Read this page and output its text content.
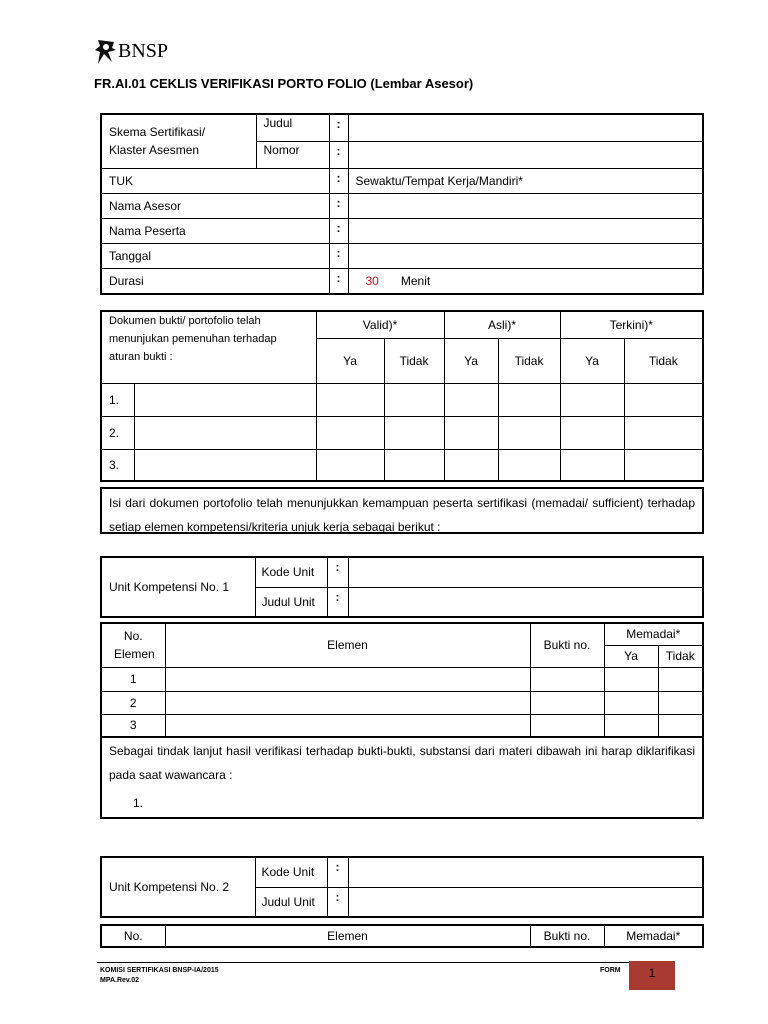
BNSP
FR.AI.01 CEKLIS VERIFIKASI PORTO FOLIO (Lembar Asesor)
Skema Sertifikasi/ Klaster Asesmen	Judul	:	
	Nomor	:	
TUK		:	Sewaktu/Tempat Kerja/Mandiri*
Nama Asesor		:	
Nama Peserta		:	
Tanggal		:	
Durasi		:	30 Menit
Dokumen bukti/ portofolio telah menunjukan pemenuhan terhadap aturan bukti :		Valid)*		Asli)*		Terkini)*	
		Ya	Tidak	Ya	Tidak	Ya	Tidak
1.							
2.							
3.							
Isi dari dokumen portofolio telah menunjukkan kemampuan peserta sertifikasi (memadai/ sufficient) terhadap setiap elemen kompetensi/kriteria unjuk kerja sebagai berikut :
Unit Kompetensi No. 1	Kode Unit	:	
	Judul Unit	:	
No. Elemen	Elemen	Bukti no.	Memadai*	
			Ya	Tidak
1				
2				
3				
Sebagai tindak lanjut hasil verifikasi terhadap bukti-bukti, substansi dari materi dibawah ini harap diklarifikasi pada saat wawancara :
1.
Unit Kompetensi No. 2	Kode Unit	:	
	Judul Unit	:	
No.	Elemen	Bukti no.	Memadai*
KOMISI SERTIFIKASI BNSP-IA/2015
MPA.Rev.02
FORM	1
